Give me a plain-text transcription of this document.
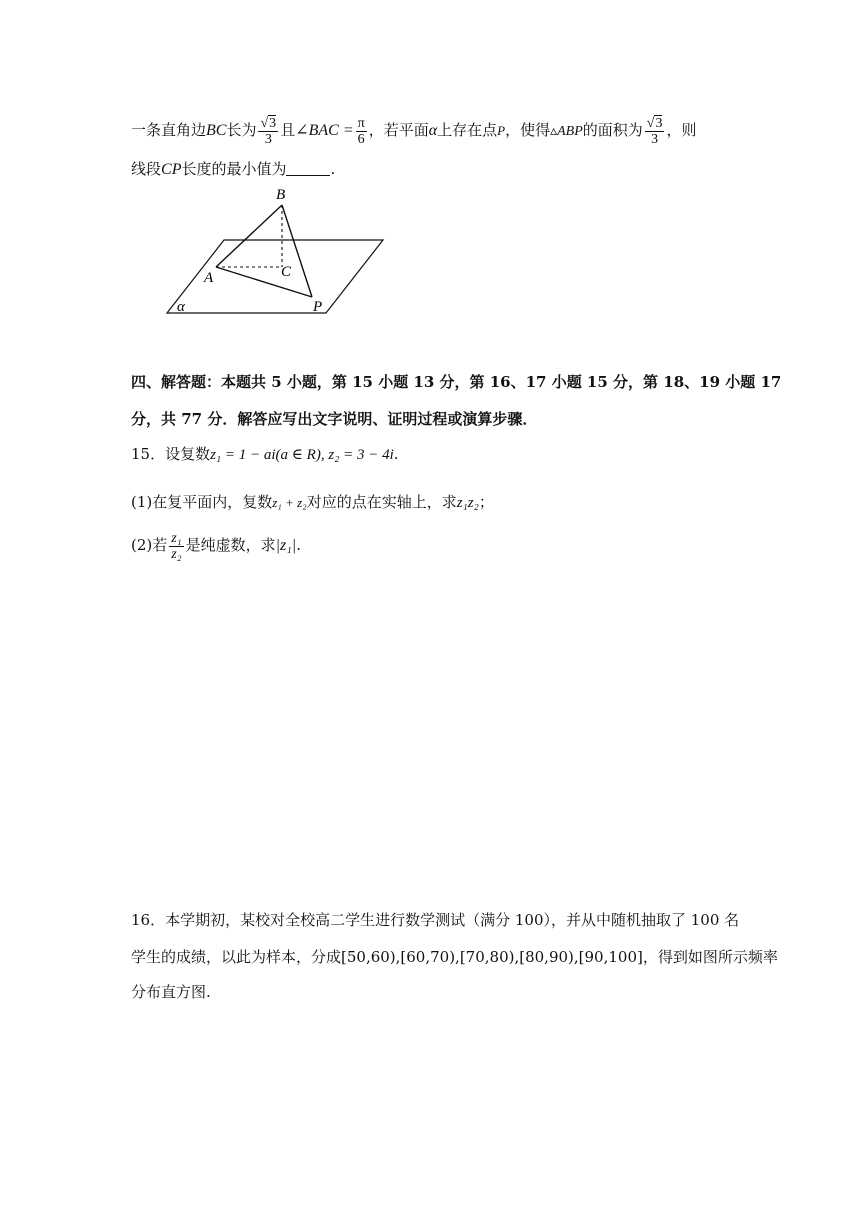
一条直角边BC长为 $\frac{√3}{3}$ 且∠BAC = $\frac{\pi}{6}$ ，若平面α上存在点P，使得▵ABP的面积为 $\frac{√3}{3}$ ，则
线段CP长度的最小值为	.
B
A	C
P
α
四、解答题：本题共 5 小题，第 15 小题 13 分，第 16、17 小题 15 分，第 18、19 小题 17
分，共 77 分．解答应写出文字说明、证明过程或演算步骤．
15．设复数z₁ = 1 − ai(a ∈ R), z₂ = 3 − 4i.
(1)在复平面内，复数z₁ + z₂对应的点在实轴上，求z₁z₂；
(2)若 $\frac{\text{z₁}}{\text{z₂}}$ 是纯虚数，求|z₁|.
16．本学期初，某校对全校高二学生进行数学测试（满分 100），并从中随机抽取了 100 名
学生的成绩，以此为样本，分成[50,60),[60,70),[70,80),[80,90),[90,100]，得到如图所示频率
分布直方图.
